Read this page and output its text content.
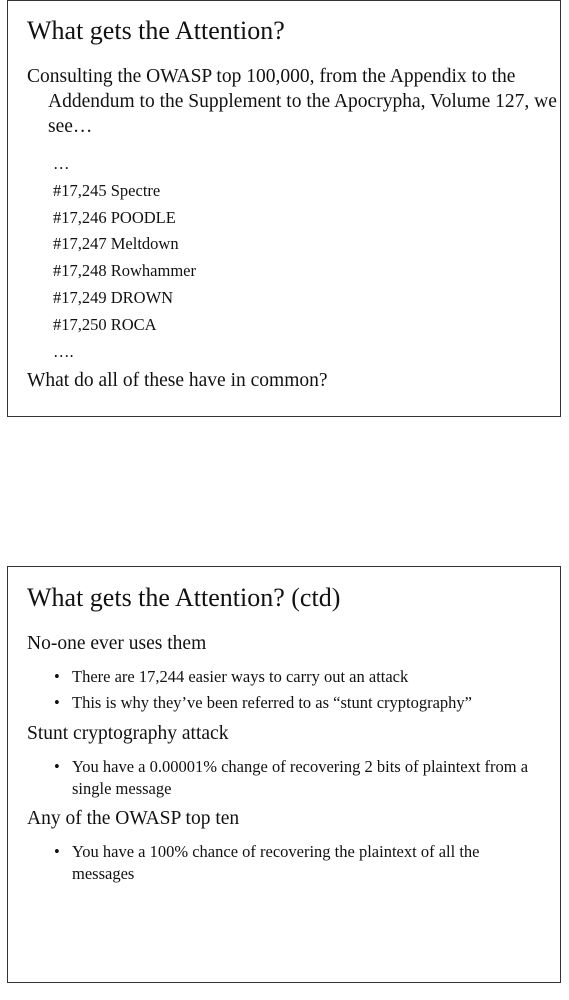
What gets the Attention?
Consulting the OWASP top 100,000, from the Appendix to the Addendum to the Supplement to the Apocrypha, Volume 127, we see…
…
#17,245 Spectre
#17,246 POODLE
#17,247 Meltdown
#17,248 Rowhammer
#17,249 DROWN
#17,250 ROCA
….
What do all of these have in common?
What gets the Attention? (ctd)
No-one ever uses them
• There are 17,244 easier ways to carry out an attack
• This is why they’ve been referred to as “stunt cryptography”
Stunt cryptography attack
• You have a 0.00001% change of recovering 2 bits of plaintext from a single message
Any of the OWASP top ten
• You have a 100% chance of recovering the plaintext of all the messages
